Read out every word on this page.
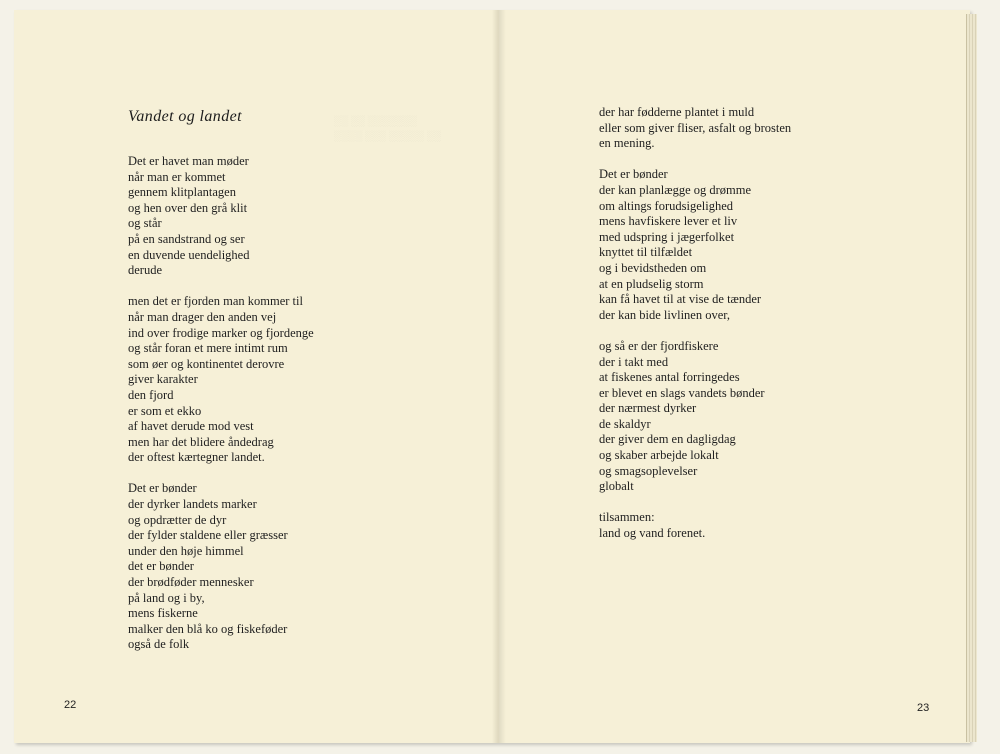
░░ ░░ ░░░░░░░
░░░░ ░░░ ░░░░░ ░░
Vandet og landet
Det er havet man møder
når man er kommet
gennem klitplantagen
og hen over den grå klit
og står
på en sandstrand og ser
en duvende uendelighed
derude
men det er fjorden man kommer til
når man drager den anden vej
ind over frodige marker og fjordenge
og står foran et mere intimt rum
som øer og kontinentet derovre
giver karakter
den fjord
er som et ekko
af havet derude mod vest
men har det blidere åndedrag
der oftest kærtegner landet.
Det er bønder
der dyrker landets marker
og opdrætter de dyr
der fylder staldene eller græsser
under den høje himmel
det er bønder
der brødføder mennesker
på land og i by,
mens fiskerne
malker den blå ko og fiskeføder
også de folk
22
der har fødderne plantet i muld
eller som giver fliser, asfalt og brosten
en mening.
Det er bønder
der kan planlægge og drømme
om altings forudsigelighed
mens havfiskere lever et liv
med udspring i jægerfolket
knyttet til tilfældet
og i bevidstheden om
at en pludselig storm
kan få havet til at vise de tænder
der kan bide livlinen over,
og så er der fjordfiskere
der i takt med
at fiskenes antal forringedes
er blevet en slags vandets bønder
der nærmest dyrker
de skaldyr
der giver dem en dagligdag
og skaber arbejde lokalt
og smagsoplevelser
globalt
tilsammen:
land og vand forenet.
23
